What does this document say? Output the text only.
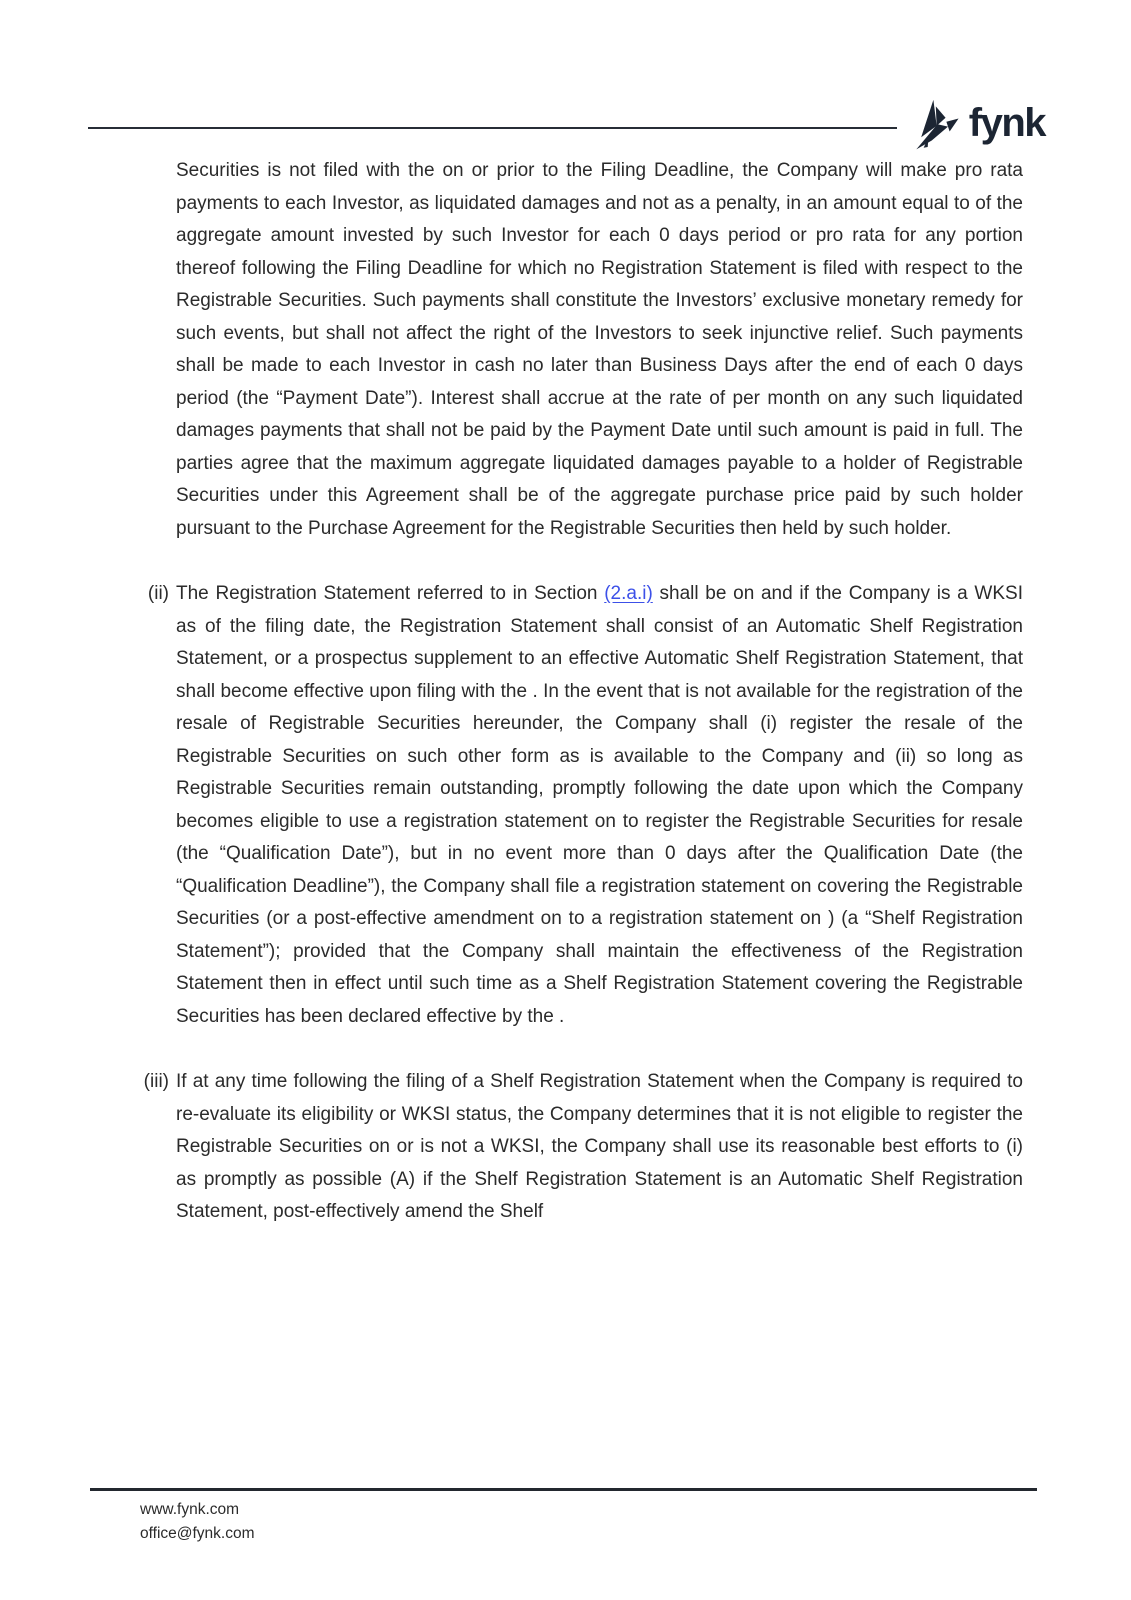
fynk
Securities is not filed with the on or prior to the Filing Deadline, the Company will make pro rata payments to each Investor, as liquidated damages and not as a penalty, in an amount equal to of the aggregate amount invested by such Investor for each 0 days period or pro rata for any portion thereof following the Filing Deadline for which no Registration Statement is filed with respect to the Registrable Securities. Such payments shall constitute the Investors’ exclusive monetary remedy for such events, but shall not affect the right of the Investors to seek injunctive relief. Such payments shall be made to each Investor in cash no later than Business Days after the end of each 0 days period (the “Payment Date”). Interest shall accrue at the rate of per month on any such liquidated damages payments that shall not be paid by the Payment Date until such amount is paid in full. The parties agree that the maximum aggregate liquidated damages payable to a holder of Registrable Securities under this Agreement shall be of the aggregate purchase price paid by such holder pursuant to the Purchase Agreement for the Registrable Securities then held by such holder.
(ii) The Registration Statement referred to in Section (2.a.i) shall be on and if the Company is a WKSI as of the filing date, the Registration Statement shall consist of an Automatic Shelf Registration Statement, or a prospectus supplement to an effective Automatic Shelf Registration Statement, that shall become effective upon filing with the . In the event that is not available for the registration of the resale of Registrable Securities hereunder, the Company shall (i) register the resale of the Registrable Securities on such other form as is available to the Company and (ii) so long as Registrable Securities remain outstanding, promptly following the date upon which the Company becomes eligible to use a registration statement on to register the Registrable Securities for resale (the “Qualification Date”), but in no event more than 0 days after the Qualification Date (the “Qualification Deadline”), the Company shall file a registration statement on covering the Registrable Securities (or a post-effective amendment on to a registration statement on ) (a “Shelf Registration Statement”); provided that the Company shall maintain the effectiveness of the Registration Statement then in effect until such time as a Shelf Registration Statement covering the Registrable Securities has been declared effective by the .
(iii) If at any time following the filing of a Shelf Registration Statement when the Company is required to re-evaluate its eligibility or WKSI status, the Company determines that it is not eligible to register the Registrable Securities on or is not a WKSI, the Company shall use its reasonable best efforts to (i) as promptly as possible (A) if the Shelf Registration Statement is an Automatic Shelf Registration Statement, post-effectively amend the Shelf
www.fynk.com
office@fynk.com
